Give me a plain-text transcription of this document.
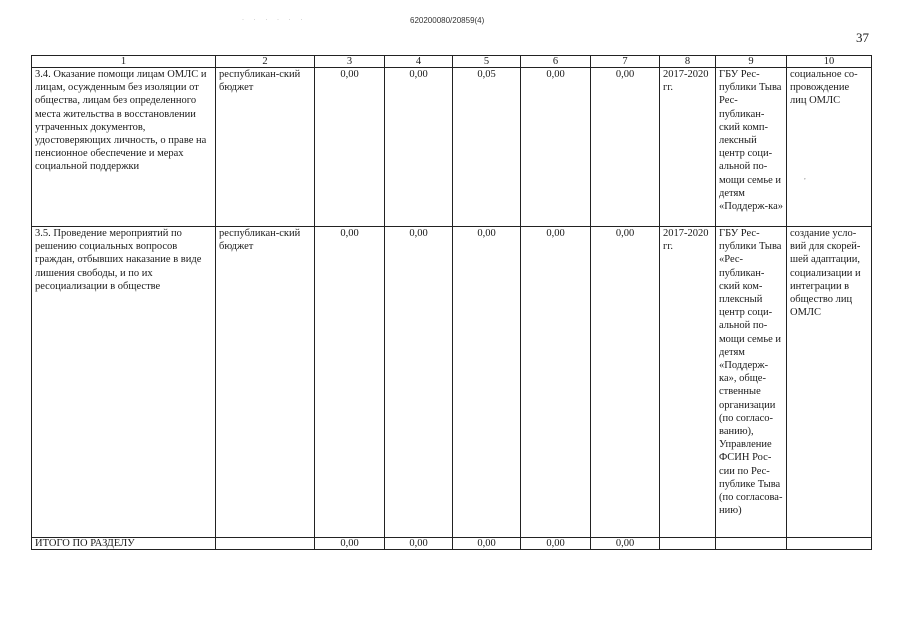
· · · · · ·	620200080/20859(4)
37
1	2	3	4	5	6	7	8	9	10
3.4. Оказание помощи лицам ОМЛС и лицам, осужденным без изоляции от общества, лицам без определенного места жительства в восстановлении утраченных документов, удостоверяющих личность, о праве на пенсионное обеспечение и мерах социальной поддержки	республикан-ский бюджет	0,00	0,00	0,05	0,00	0,00	2017-2020 гг.	ГБУ Рес-публики Тыва Рес-публикан-ский комп-лексный центр соци-альной по-мощи семье и детям «Поддерж-ка»	социальное со-провождение лиц ОМЛС
3.5. Проведение мероприятий по решению социальных вопросов граждан, отбывших наказание в виде лишения свободы, и по их ресоциализации в обществе	республикан-ский бюджет	0,00	0,00	0,00	0,00	0,00	2017-2020 гг.	ГБУ Рес-публики Тыва «Рес-публикан-ский ком-плексный центр соци-альной по-мощи семье и детям «Поддерж-ка», обще-ственные организации (по согласо-ванию), Управление ФСИН Рос-сии по Рес-публике Тыва (по согласова-нию)	создание усло-вий для скорей-шей адаптации, социализации и интеграции в общество лиц ОМЛС
ИТОГО ПО РАЗДЕЛУ		0,00	0,00	0,00	0,00	0,00			
,
